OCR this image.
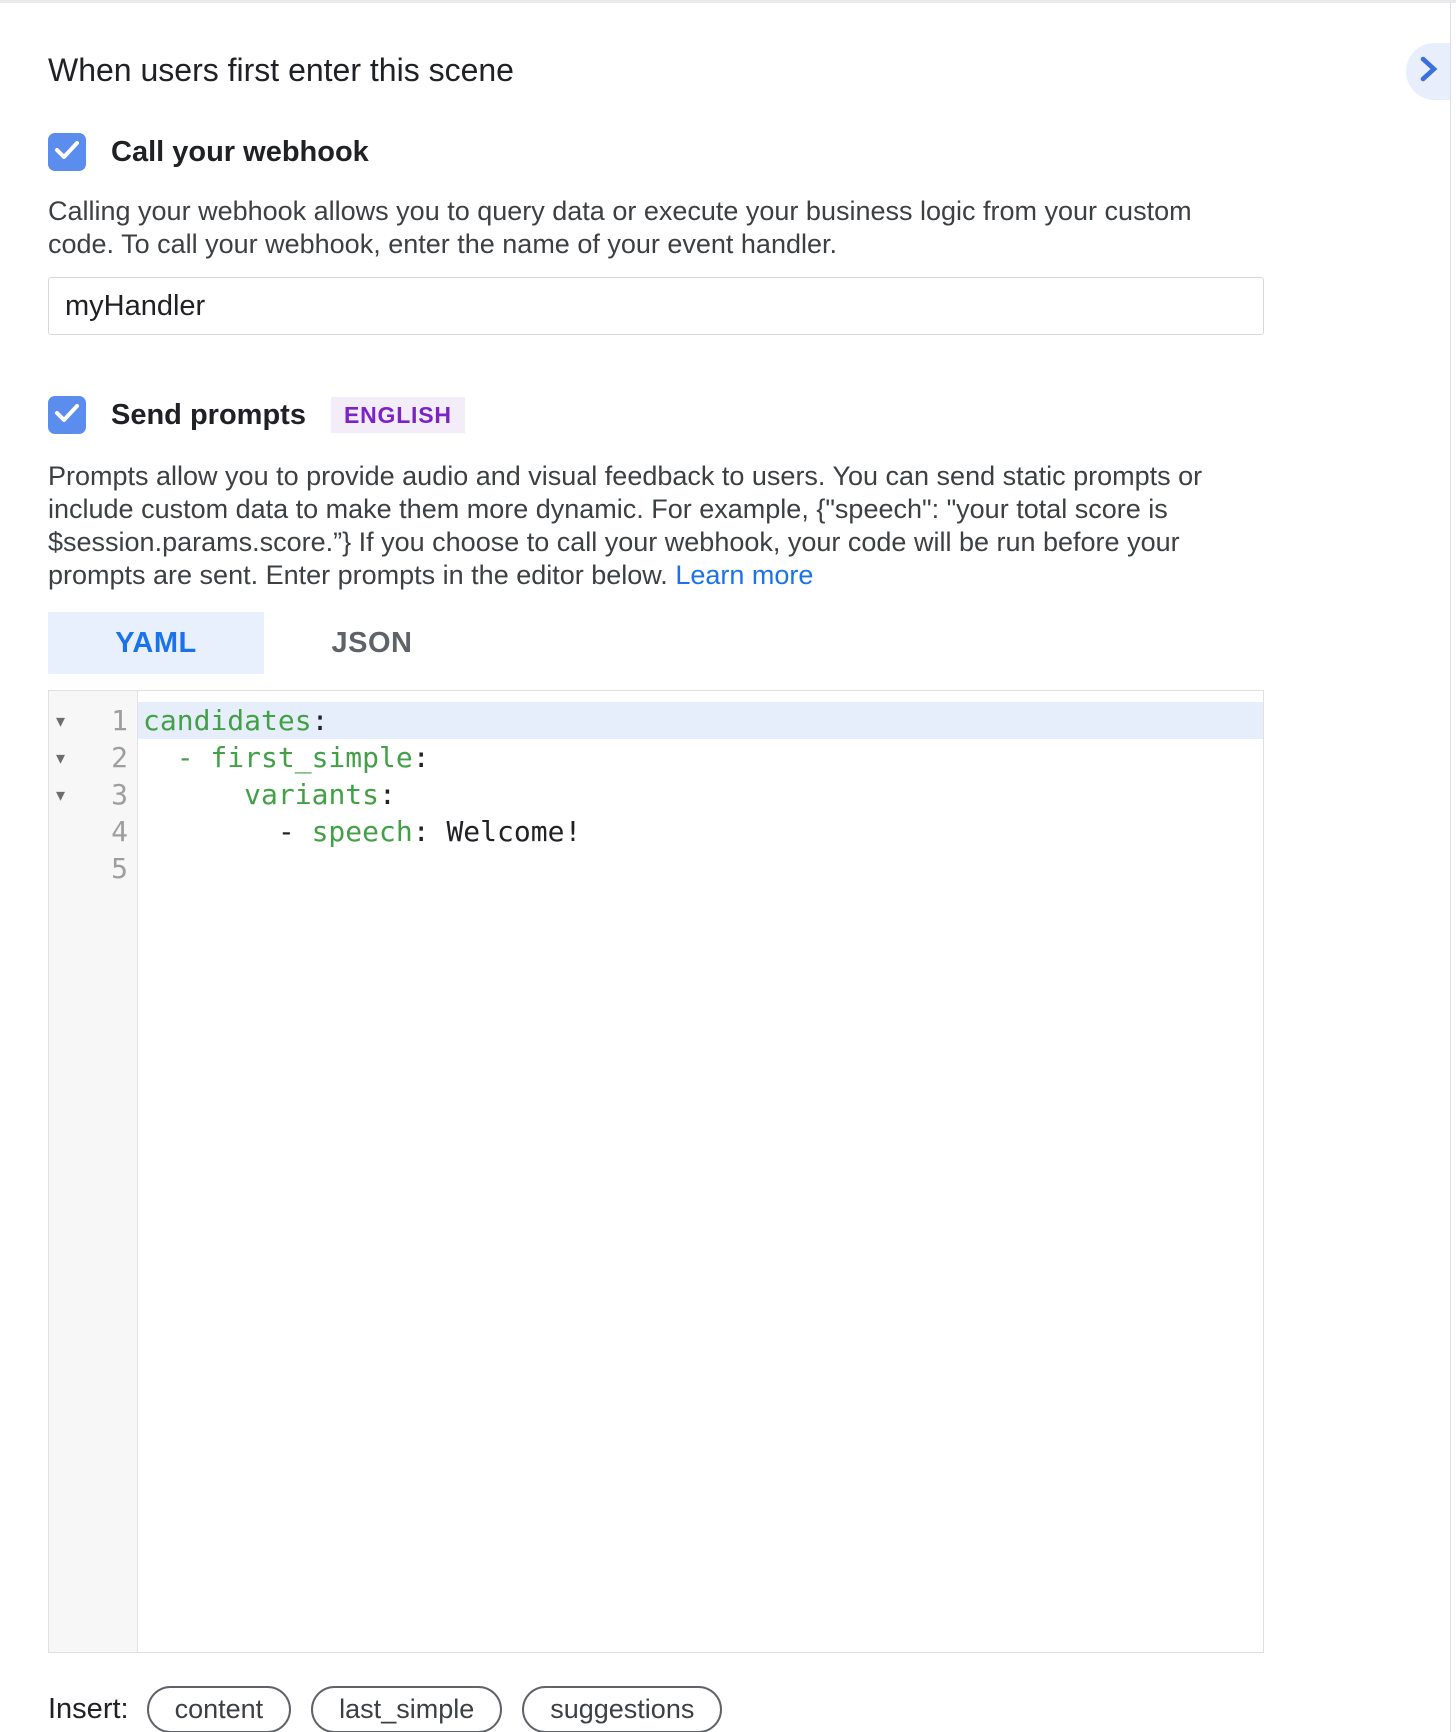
When users first enter this scene
Call your webhook
Calling your webhook allows you to query data or execute your business logic from your custom code. To call your webhook, enter the name of your event handler.
myHandler
Send prompts	ENGLISH
Prompts allow you to provide audio and visual feedback to users. You can send static prompts or include custom data to make them more dynamic. For example, {"speech": "your total score is $session.params.score.”} If you choose to call your webhook, your code will be run before your prompts are sent. Enter prompts in the editor below. Learn more
YAML	JSON
▾	1
▾	2
▾	3
4
5
candidates:
- first_simple:
variants:
- speech: Welcome!
Insert:	content	last_simple	suggestions
